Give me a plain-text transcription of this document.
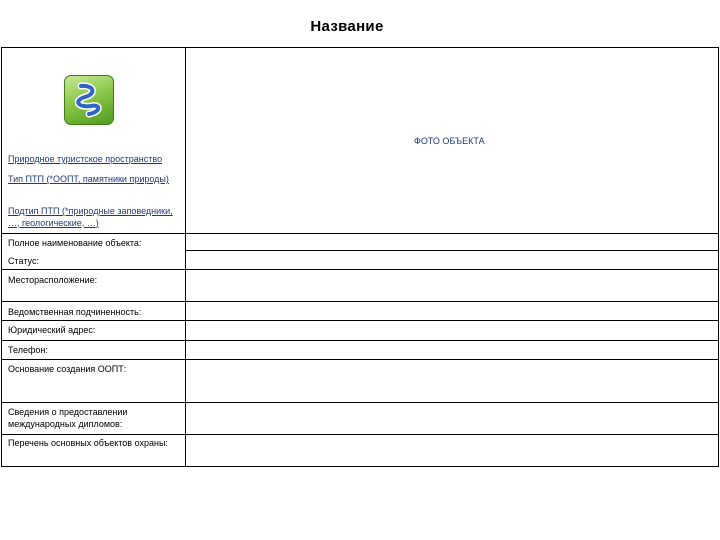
Название
Природное туристское пространство
Тип ПТП (*ООПТ, памятники природы)
Подтип ПТП (*природные заповедники, …, геологические, …)
ФОТО ОБЪЕКТА
Полное наименование объекта:
Статус:
Месторасположение:
Ведомственная подчиненность:
Юридический адрес:
Телефон:
Основание создания ООПТ:
Сведения о предоставлении международных дипломов:
Перечень основных объектов охраны:
